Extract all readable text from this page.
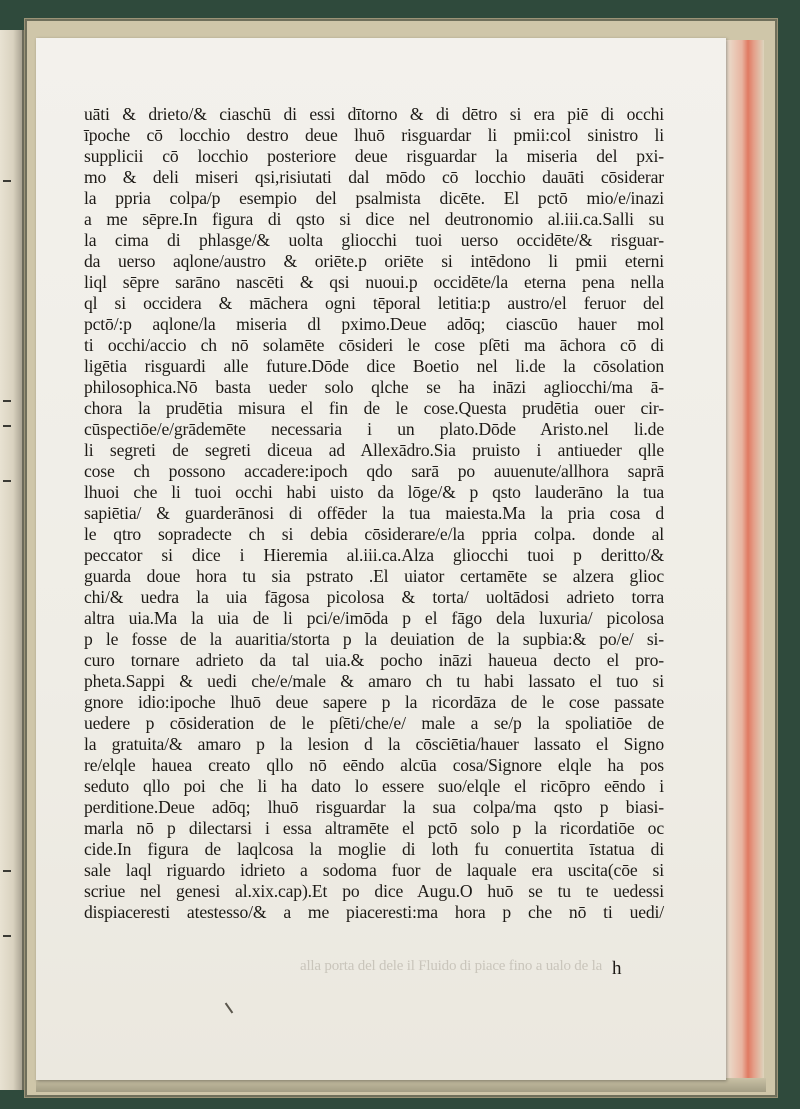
uāti & drieto/& ciaschū di essi dītorno & di dētro si era piē di occhi
īpoche cō locchio destro deue lhuō risguardar li pmii:col sinistro li
supplicii cō locchio posteriore deue risguardar la miseria del pxi-
mo & deli miseri qsi,risiutati dal mōdo cō locchio dauāti cōsiderar
la ppria colpa/p esempio del psalmista dicēte. El pctō mio/e/inazi
a me sēpre.In figura di qsto si dice nel deutronomio al.iii.ca.Salli su
la cima di phlasge/& uolta gliocchi tuoi uerso occidēte/& risguar-
da uerso aqlone/austro & oriēte.p oriēte si intēdono li pmii eterni
liql sēpre sarāno nascēti & qsi nuoui.p occidēte/la eterna pena nella
ql si occidera & māchera ogni tēporal letitia:p austro/el feruor del
pctō/:p aqlone/la miseria dl pximo.Deue adōq; ciascūo hauer mol
ti occhi/accio ch nō solamēte cōsideri le cose pſēti ma āchora cō di
ligētia risguardi alle future.Dōde dice Boetio nel li.de la cōsolation
philosophica.Nō basta ueder solo qlche se ha ināzi agliocchi/ma ā-
chora la prudētia misura el fin de le cose.Questa prudētia ouer cir-
cūspectiōe/e/grādemēte necessaria i un plato.Dōde Aristo.nel li.de
li segreti de segreti diceua ad Allexādro.Sia pruisto i antiueder qlle
cose ch possono accadere:ipoch qdo sarā po auuenute/allhora saprā
lhuoi che li tuoi occhi habi uisto da lōge/& p qsto lauderāno la tua
sapiētia/ & guarderānosi di offēder la tua maiesta.Ma la pria cosa d
le qtro sopradecte ch si debia cōsiderare/e/la ppria colpa. donde al
peccator si dice i Hieremia al.iii.ca.Alza gliocchi tuoi p deritto/&
guarda doue hora tu sia pstrato .El uiator certamēte se alzera glioc
chi/& uedra la uia fāgosa picolosa & torta/ uoltādosi adrieto torra
altra uia.Ma la uia de li pci/e/imōda p el fāgo dela luxuria/ picolosa
p le fosse de la auaritia/storta p la deuiation de la supbia:& po/e/ si-
curo tornare adrieto da tal uia.& pocho ināzi haueua decto el pro-
pheta.Sappi & uedi che/e/male & amaro ch tu habi lassato el tuo si
gnore idio:ipoche lhuō deue sapere p la ricordāza de le cose passate
uedere p cōsideration de le pſēti/che/e/ male a se/p la spoliatiōe de
la gratuita/& amaro p la lesion d la cōsciētia/hauer lassato el Signo
re/elqle hauea creato qllo nō eēndo alcūa cosa/Signore elqle ha pos
seduto qllo poi che li ha dato lo essere suo/elqle el ricōpro eēndo i
perditione.Deue adōq; lhuō risguardar la sua colpa/ma qsto p biasi-
marla nō p dilectarsi i essa altramēte el pctō solo p la ricordatiōe oc
cide.In figura de laqlcosa la moglie di loth fu conuertita īstatua di
sale laql riguardo idrieto a sodoma fuor de laquale era uscita(cōe si
scriue nel genesi al.xix.cap).Et po dice Augu.O huō se tu te uedessi
dispiaceresti atestesso/& a me piaceresti:ma hora p che nō ti uedi/
alla porta del dele il Fluido di piace fino a ualo de la h
